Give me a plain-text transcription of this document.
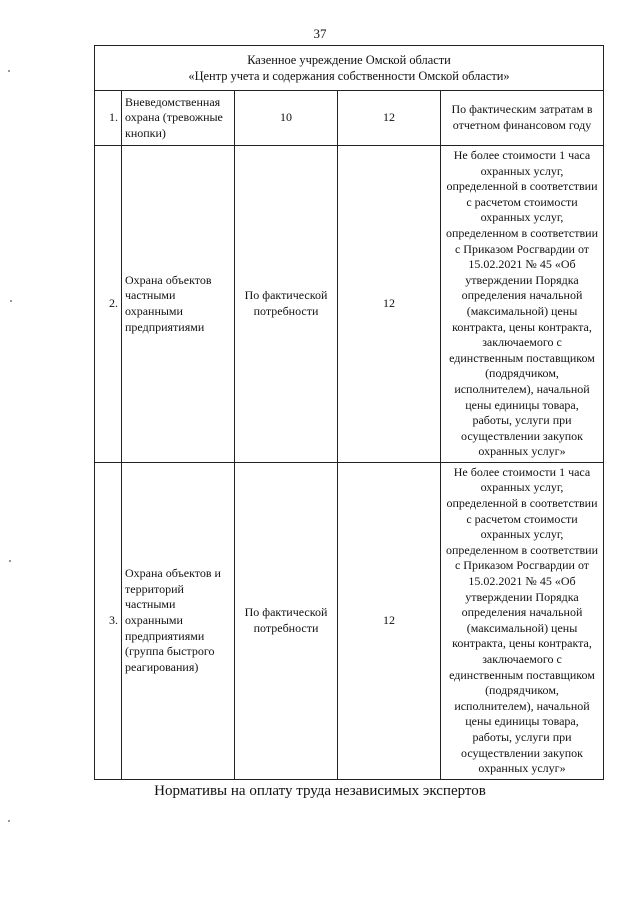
37
Казенное учреждение Омской области
«Центр учета и содержания собственности Омской области»				

1.	Вневедомственная охрана (тревожные кнопки)	10	12	По фактическим затратам в отчетном финансовом году
2.	Охрана объектов частными охранными предприятиями	По фактической потребности	12	Не более стоимости 1 часа охранных услуг, определенной в соответствии с расчетом стоимости охранных услуг, определенном в соответствии с Приказом Росгвардии от 15.02.2021 № 45 «Об утверждении Порядка определения начальной (максимальной) цены контракта, цены контракта, заключаемого с единственным поставщиком (подрядчиком, исполнителем), начальной цены единицы товара, работы, услуги при осуществлении закупок охранных услуг»
3.	Охрана объектов и территорий частными охранными предприятиями (группа быстрого реагирования)	По фактической потребности	12	Не более стоимости 1 часа охранных услуг, определенной в соответствии с расчетом стоимости охранных услуг, определенном в соответствии с Приказом Росгвардии от 15.02.2021 № 45 «Об утверждении Порядка определения начальной (максимальной) цены контракта, цены контракта, заключаемого с единственным поставщиком (подрядчиком, исполнителем), начальной цены единицы товара, работы, услуги при осуществлении закупок охранных услуг»
Нормативы на оплату труда независимых экспертов
